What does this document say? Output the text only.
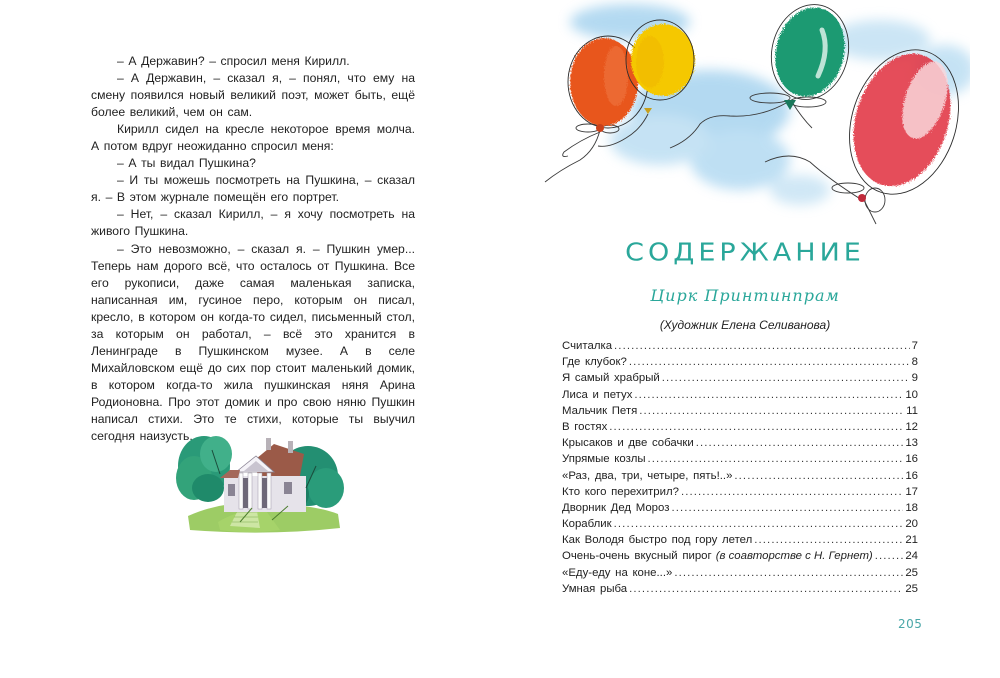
– А Державин? – спросил меня Кирилл.

– А Державин, – сказал я, – понял, что ему на смену появился новый великий поэт, может быть, ещё более великий, чем он сам.

Кирилл сидел на кресле некоторое время молча. А потом вдруг неожиданно спросил меня:

– А ты видал Пушкина?

– И ты можешь посмотреть на Пушкина, – сказал я. – В этом журнале помещён его портрет.

– Нет, – сказал Кирилл, – я хочу посмотреть на живого Пушкина.

– Это невозможно, – сказал я. – Пушкин умер... Теперь нам дорого всё, что осталось от Пушкина. Все его рукописи, даже самая маленькая записка, написанная им, гусиное перо, которым он писал, кресло, в котором он когда-то сидел, письменный стол, за которым он работал, – всё это хранится в Ленинграде в Пушкинском музее. А в селе Михайловском ещё до сих пор стоит маленький домик, в котором когда-то жила пушкинская няня Арина Родионовна. Про этот домик и про свою няню Пушкин написал стихи. Это те стихи, которые ты выучил сегодня наизусть.

СОДЕРЖАНИЕ
Цирк Принтинпрам
(Художник Елена Селиванова)
Считалка .....	7
Где клубок? .....	8
Я самый храбрый .....	9
Лиса и петух .....	10
Мальчик Петя .....	11
В гостях .....	12
Крысаков и две собачки .....	13
Упрямые козлы .....	16
«Раз, два, три, четыре, пять!..» .....	16
Кто кого перехитрил? .....	17
Дворник Дед Мороз .....	18
Кораблик .....	20
Как Володя быстро под гору летел .....	21
Очень-очень вкусный пирог (в соавторстве с Н. Гернет) .....	24
«Еду-еду на коне...» .....	25
Умная рыба .....	25
205
